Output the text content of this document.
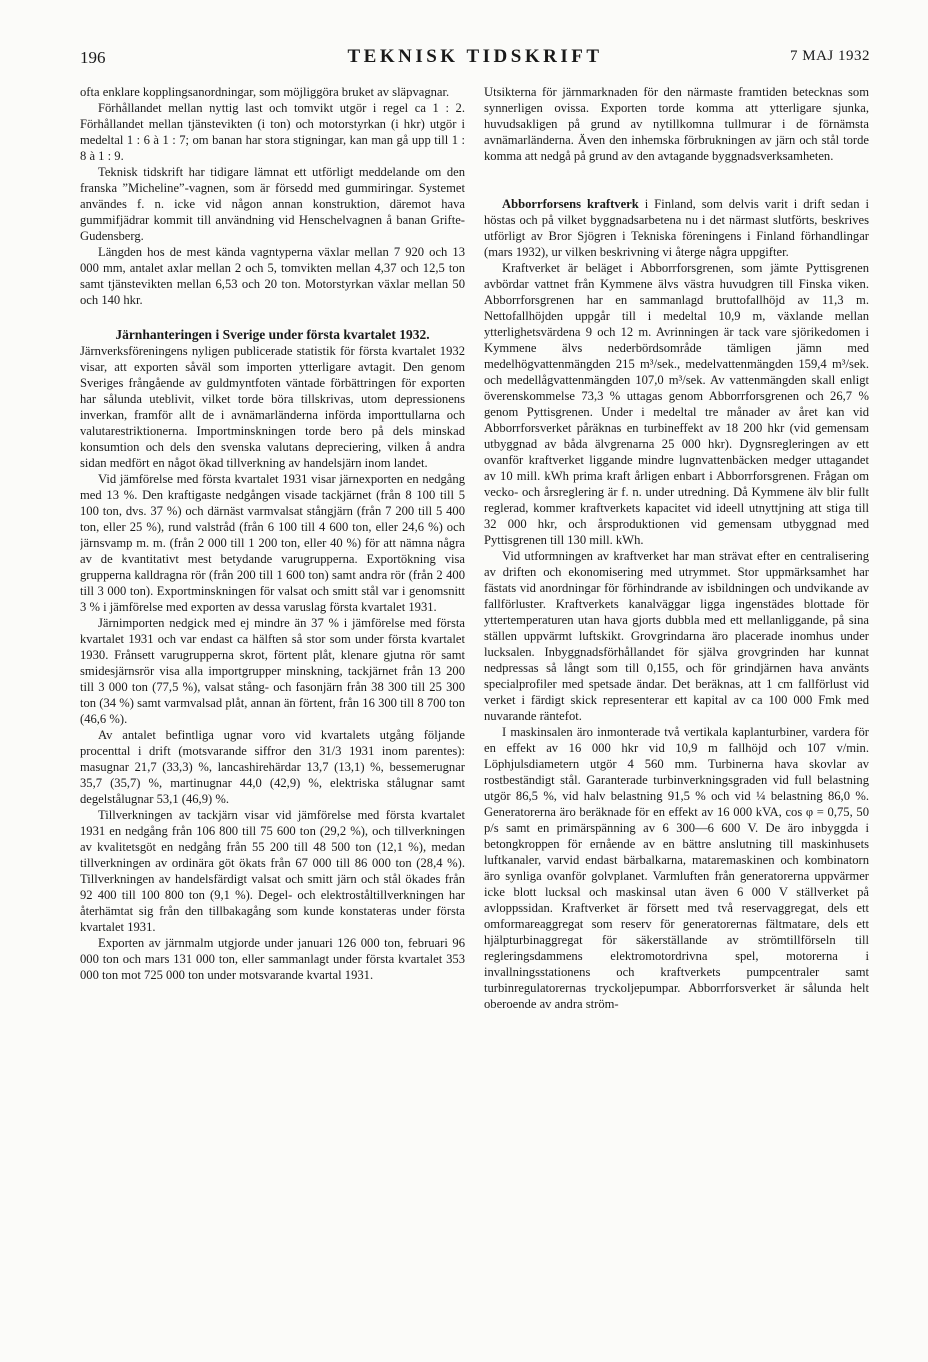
196	TEKNISK TIDSKRIFT	7 MAJ 1932

ofta enklare kopplingsanordningar, som möjliggöra bruket av släpvagnar.

Förhållandet mellan nyttig last och tomvikt utgör i regel ca 1 : 2. Förhållandet mellan tjänstevikten (i ton) och motorstyrkan (i hkr) utgör i medeltal 1 : 6 à 1 : 7; om banan har stora stigningar, kan man gå upp till 1 : 8 à 1 : 9.

Teknisk tidskrift har tidigare lämnat ett utförligt meddelande om den franska ”Micheline”-vagnen, som är försedd med gummiringar. Systemet användes f. n. icke vid någon annan konstruktion, däremot hava gummifjädrar kommit till användning vid Henschelvagnen å banan Grifte-Gudensberg.

Längden hos de mest kända vagntyperna växlar mellan 7 920 och 13 000 mm, antalet axlar mellan 2 och 5, tomvikten mellan 4,37 och 12,5 ton samt tjänstevikten mellan 6,53 och 20 ton. Motorstyrkan växlar mellan 50 och 140 hkr.

Järnhanteringen i Sverige under första kvartalet 1932.

Järnverksföreningens nyligen publicerade statistik för första kvartalet 1932 visar, att exporten såväl som importen ytterligare avtagit. Den genom Sveriges frångående av guldmyntfoten väntade förbättringen för exporten har sålunda uteblivit, vilket torde böra tillskrivas, utom depressionens inverkan, framför allt de i avnämarländerna införda importtullarna och valutarestriktionerna. Importminskningen torde bero på dels minskad konsumtion och dels den svenska valutans depreciering, vilken å andra sidan medfört en något ökad tillverkning av handelsjärn inom landet.

Vid jämförelse med första kvartalet 1931 visar järnexporten en nedgång med 13 %. Den kraftigaste nedgången visade tackjärnet (från 8 100 till 5 100 ton, dvs. 37 %) och därnäst varmvalsat stångjärn (från 7 200 till 5 400 ton, eller 25 %), rund valstråd (från 6 100 till 4 600 ton, eller 24,6 %) och järnsvamp m. m. (från 2 000 till 1 200 ton, eller 40 %) för att nämna några av de kvantitativt mest betydande varugrupperna. Exportökning visa grupperna kalldragna rör (från 200 till 1 600 ton) samt andra rör (från 2 400 till 3 000 ton). Exportminskningen för valsat och smitt stål var i genomsnitt 3 % i jämförelse med exporten av dessa varuslag första kvartalet 1931.

Järnimporten nedgick med ej mindre än 37 % i jämförelse med första kvartalet 1931 och var endast ca hälften så stor som under första kvartalet 1930. Frånsett varugrupperna skrot, förtent plåt, klenare gjutna rör samt smidesjärnsrör visa alla importgrupper minskning, tackjärnet från 13 200 till 3 000 ton (77,5 %), valsat stång- och fasonjärn från 38 300 till 25 300 ton (34 %) samt varmvalsad plåt, annan än förtent, från 16 300 till 8 700 ton (46,6 %).

Av antalet befintliga ugnar voro vid kvartalets utgång följande procenttal i drift (motsvarande siffror den 31/3 1931 inom parentes): masugnar 21,7 (33,3) %, lancashirehärdar 13,7 (13,1) %, bessemerugnar 35,7 (35,7) %, martinugnar 44,0 (42,9) %, elektriska stålugnar samt degelstålugnar 53,1 (46,9) %.

Tillverkningen av tackjärn visar vid jämförelse med första kvartalet 1931 en nedgång från 106 800 till 75 600 ton (29,2 %), och tillverkningen av kvalitetsgöt en nedgång från 55 200 till 48 500 ton (12,1 %), medan tillverkningen av ordinära göt ökats från 67 000 till 86 000 ton (28,4 %). Tillverkningen av handelsfärdigt valsat och smitt järn och stål ökades från 92 400 till 100 800 ton (9,1 %). Degel- och elektroståltillverkningen har återhämtat sig från den tillbakagång som kunde konstateras under första kvartalet 1931.

Exporten av järnmalm utgjorde under januari 126 000 ton, februari 96 000 ton och mars 131 000 ton, eller sammanlagt under första kvartalet 353 000 ton mot 725 000 ton under motsvarande kvartal 1931.

Utsikterna för järnmarknaden för den närmaste framtiden betecknas som synnerligen ovissa. Exporten torde komma att ytterligare sjunka, huvudsakligen på grund av nytillkomna tullmurar i de förnämsta avnämarländerna. Även den inhemska förbrukningen av järn och stål torde komma att nedgå på grund av den avtagande byggnadsverksamheten.

Abborrforsens kraftverk i Finland, som delvis varit i drift sedan i höstas och på vilket byggnadsarbetena nu i det närmast slutförts, beskrives utförligt av Bror Sjögren i Tekniska föreningens i Finland förhandlingar (mars 1932), ur vilken beskrivning vi återge några uppgifter.

Kraftverket är beläget i Abborrforsgrenen, som jämte Pyttisgrenen avbördar vattnet från Kymmene älvs västra huvudgren till Finska viken. Abborrforsgrenen har en sammanlagd bruttofallhöjd av 11,3 m. Nettofallhöjden uppgår till i medeltal 10,9 m, växlande mellan ytterlighetsvärdena 9 och 12 m. Avrinningen är tack vare sjörikedomen i Kymmene älvs nederbördsområde tämligen jämn med medelhögvattenmängden 215 m³/sek., medelvattenmängden 159,4 m³/sek. och medellågvattenmängden 107,0 m³/sek. Av vattenmängden skall enligt överenskommelse 73,3 % uttagas genom Abborrforsgrenen och 26,7 % genom Pyttisgrenen. Under i medeltal tre månader av året kan vid Abborrforsverket påräknas en turbineffekt av 18 200 hkr (vid gemensam utbyggnad av båda älvgrenarna 25 000 hkr). Dygnsregleringen av ett ovanför kraftverket liggande mindre lugnvattenbäcken medger uttagandet av 10 mill. kWh prima kraft årligen enbart i Abborrforsgrenen. Frågan om vecko- och årsreglering är f. n. under utredning. Då Kymmene älv blir fullt reglerad, kommer kraftverkets kapacitet vid ideell utnyttjning att stiga till 32 000 hkr, och årsproduktionen vid gemensam utbyggnad med Pyttisgrenen till 130 mill. kWh.

Vid utformningen av kraftverket har man strävat efter en centralisering av driften och ekonomisering med utrymmet. Stor uppmärksamhet har fästats vid anordningar för förhindrande av isbildningen och undvikande av fallförluster. Kraftverkets kanalväggar ligga ingenstädes blottade för yttertemperaturen utan hava gjorts dubbla med ett mellanliggande, på sina ställen uppvärmt luftskikt. Grovgrindarna äro placerade inomhus under lucksalen. Inbyggnadsförhållandet för själva grovgrinden har kunnat nedpressas så långt som till 0,155, och för grindjärnen hava använts specialprofiler med spetsade ändar. Det beräknas, att 1 cm fallförlust vid verket i färdigt skick representerar ett kapital av ca 100 000 Fmk med nuvarande räntefot.

I maskinsalen äro inmonterade två vertikala kaplanturbiner, vardera för en effekt av 16 000 hkr vid 10,9 m fallhöjd och 107 v/min. Löphjulsdiametern utgör 4 560 mm. Turbinerna hava skovlar av rostbeständigt stål. Garanterade turbinverkningsgraden vid full belastning utgör 86,5 %, vid halv belastning 91,5 % och vid ¼ belastning 86,0 %. Generatorerna äro beräknade för en effekt av 16 000 kVA, cos φ = 0,75, 50 p/s samt en primärspänning av 6 300—6 600 V. De äro inbyggda i betongkroppen för ernående av en bättre anslutning till maskinhusets luftkanaler, varvid endast bärbalkarna, mataremaskinen och kombinatorn äro synliga ovanför golvplanet. Varmluften från generatorerna uppvärmer icke blott lucksal och maskinsal utan även 6 000 V ställverket på avloppssidan. Kraftverket är försett med två reservaggregat, dels ett omformareaggregat som reserv för generatorernas fältmatare, dels ett hjälpturbinaggregat för säkerställande av strömtillförseln till regleringsdammens elektromotordrivna spel, motorerna i invallningsstationens och kraftverkets pumpcentraler samt turbinregulatorernas tryckoljepumpar. Abborrforsverket är sålunda helt oberoende av andra ström-
